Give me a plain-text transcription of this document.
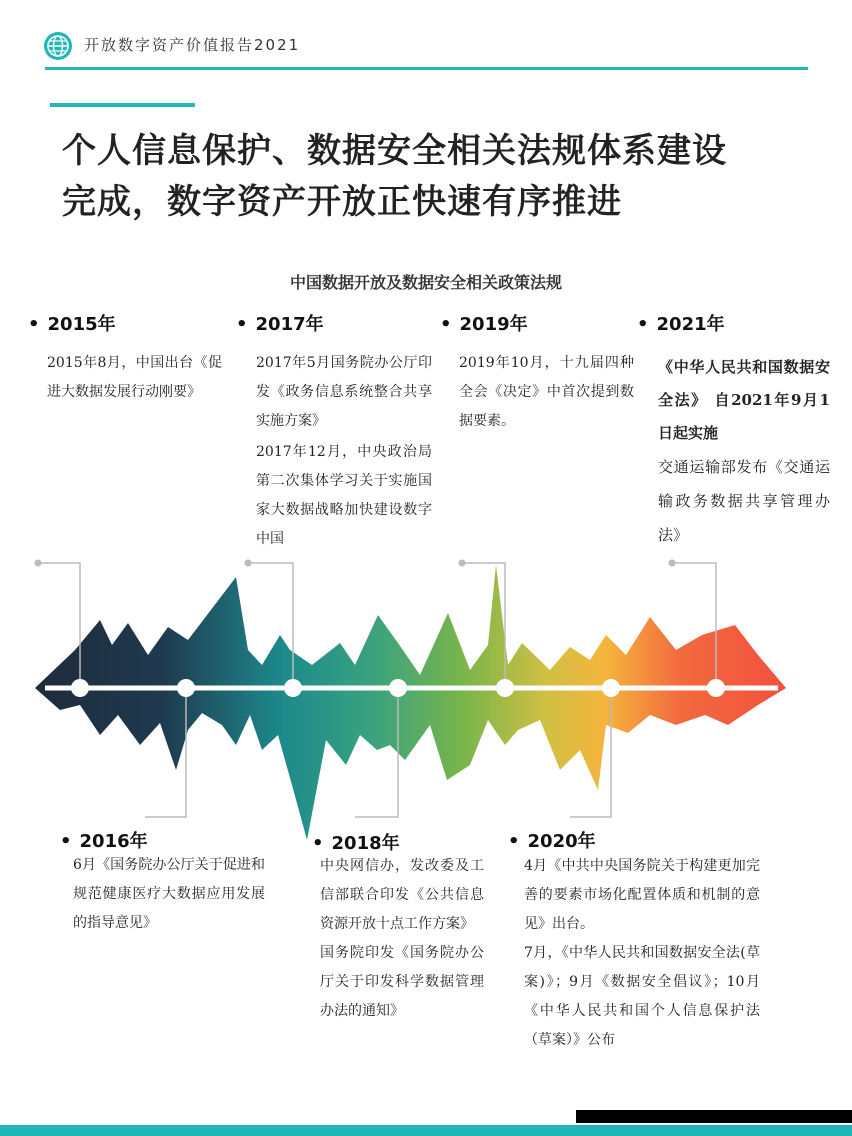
开放数字资产价值报告2021
个人信息保护、数据安全相关法规体系建设
完成，数字资产开放正快速有序推进
中国数据开放及数据安全相关政策法规
• 2015年

2015年8月，中国出台《促进大数据发展行动刚要》

• 2017年

2017年5月国务院办公厅印发《政务信息系统整合共享实施方案》

2017年12月，中央政治局第二次集体学习关于实施国家大数据战略加快建设数字中国

• 2019年

2019年10月，十九届四种全会《决定》中首次提到数据要素。

• 2021年

《中华人民共和国数据安全法》 自2021年9月1日起实施

交通运输部发布《交通运输政务数据共享管理办法》

• 2016年

6月《国务院办公厅关于促进和规范健康医疗大数据应用发展的指导意见》

• 2018年

中央网信办，发改委及工信部联合印发《公共信息资源开放十点工作方案》

国务院印发《国务院办公厅关于印发科学数据管理办法的通知》

• 2020年

4月《中共中央国务院关于构建更加完善的要素市场化配置体质和机制的意见》出台。

7月，《中华人民共和国数据安全法(草案)》；9月《数据安全倡议》；10月《中华人民共和国个人信息保护法（草案）》公布
